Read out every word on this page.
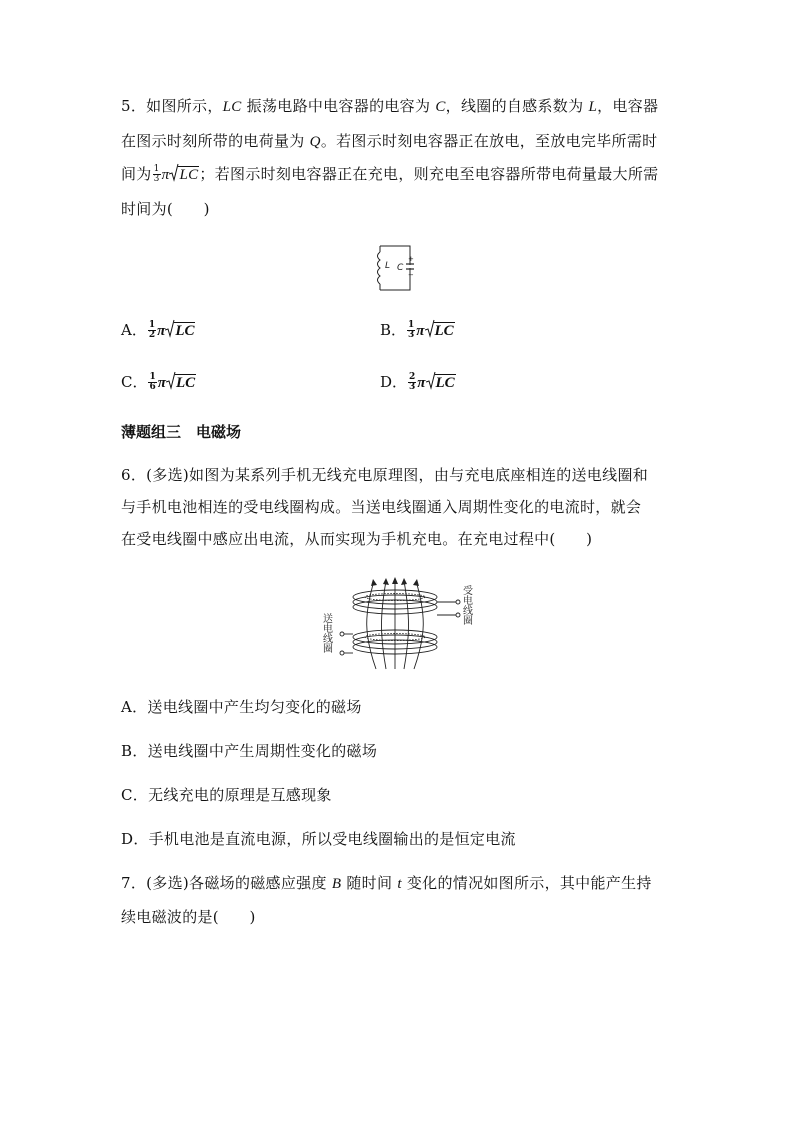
5．如图所示，LC 振荡电路中电容器的电容为 C，线圈的自感系数为 L，电容器
在图示时刻所带的电荷量为 Q。若图示时刻电容器正在放电，至放电完毕所需时
间为 $\frac{1}{3}$ π LC；若图示时刻电容器正在充电，则充电至电容器所带电荷量最大所需
时间为(　　)
L C
+
−
A． $\frac{1}{2}$ π LC	B． $\frac{1}{3}$ π LC
C． $\frac{1}{6}$ π LC	D． $\frac{2}{3}$ π LC
薄题组三　电磁场
6．(多选)如图为某系列手机无线充电原理图，由与充电底座相连的送电线圈和
与手机电池相连的受电线圈构成。当送电线圈通入周期性变化的电流时，就会
在受电线圈中感应出电流，从而实现为手机充电。在充电过程中(　　)
受电线圈
送电线圈
A．送电线圈中产生均匀变化的磁场
B．送电线圈中产生周期性变化的磁场
C．无线充电的原理是互感现象
D．手机电池是直流电源，所以受电线圈输出的是恒定电流
7．(多选)各磁场的磁感应强度 B 随时间 t 变化的情况如图所示，其中能产生持
续电磁波的是(　　)
